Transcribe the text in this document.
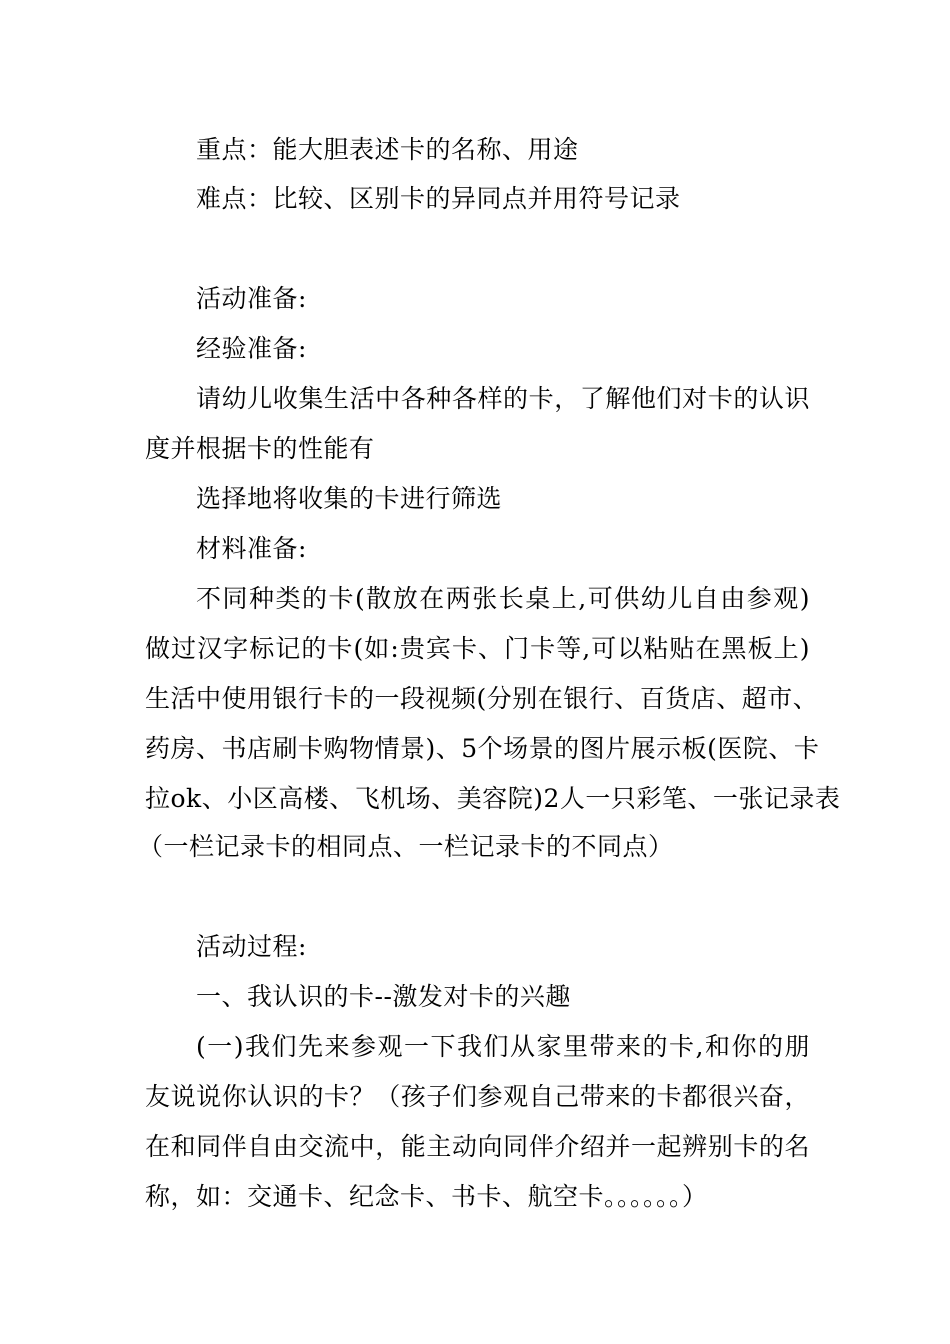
重点：能大胆表述卡的名称、用途
难点：比较、区别卡的异同点并用符号记录
活动准备:
经验准备:
请幼儿收集生活中各种各样的卡，了解他们对卡的认识
度并根据卡的性能有
选择地将收集的卡进行筛选
材料准备:
不同种类的卡(散放在两张长桌上,可供幼儿自由参观)
做过汉字标记的卡(如:贵宾卡、门卡等,可以粘贴在黑板上)
生活中使用银行卡的一段视频(分别在银行、百货店、超市、
药房、书店刷卡购物情景)、5个场景的图片展示板(医院、卡
拉ok、小区高楼、飞机场、美容院)2人一只彩笔、一张记录表
（一栏记录卡的相同点、一栏记录卡的不同点）
活动过程:
一、我认识的卡--激发对卡的兴趣
(一)我们先来参观一下我们从家里带来的卡,和你的朋
友说说你认识的卡？（孩子们参观自己带来的卡都很兴奋，
在和同伴自由交流中，能主动向同伴介绍并一起辨别卡的名
称，如：交通卡、纪念卡、书卡、航空卡。。。。。。）
